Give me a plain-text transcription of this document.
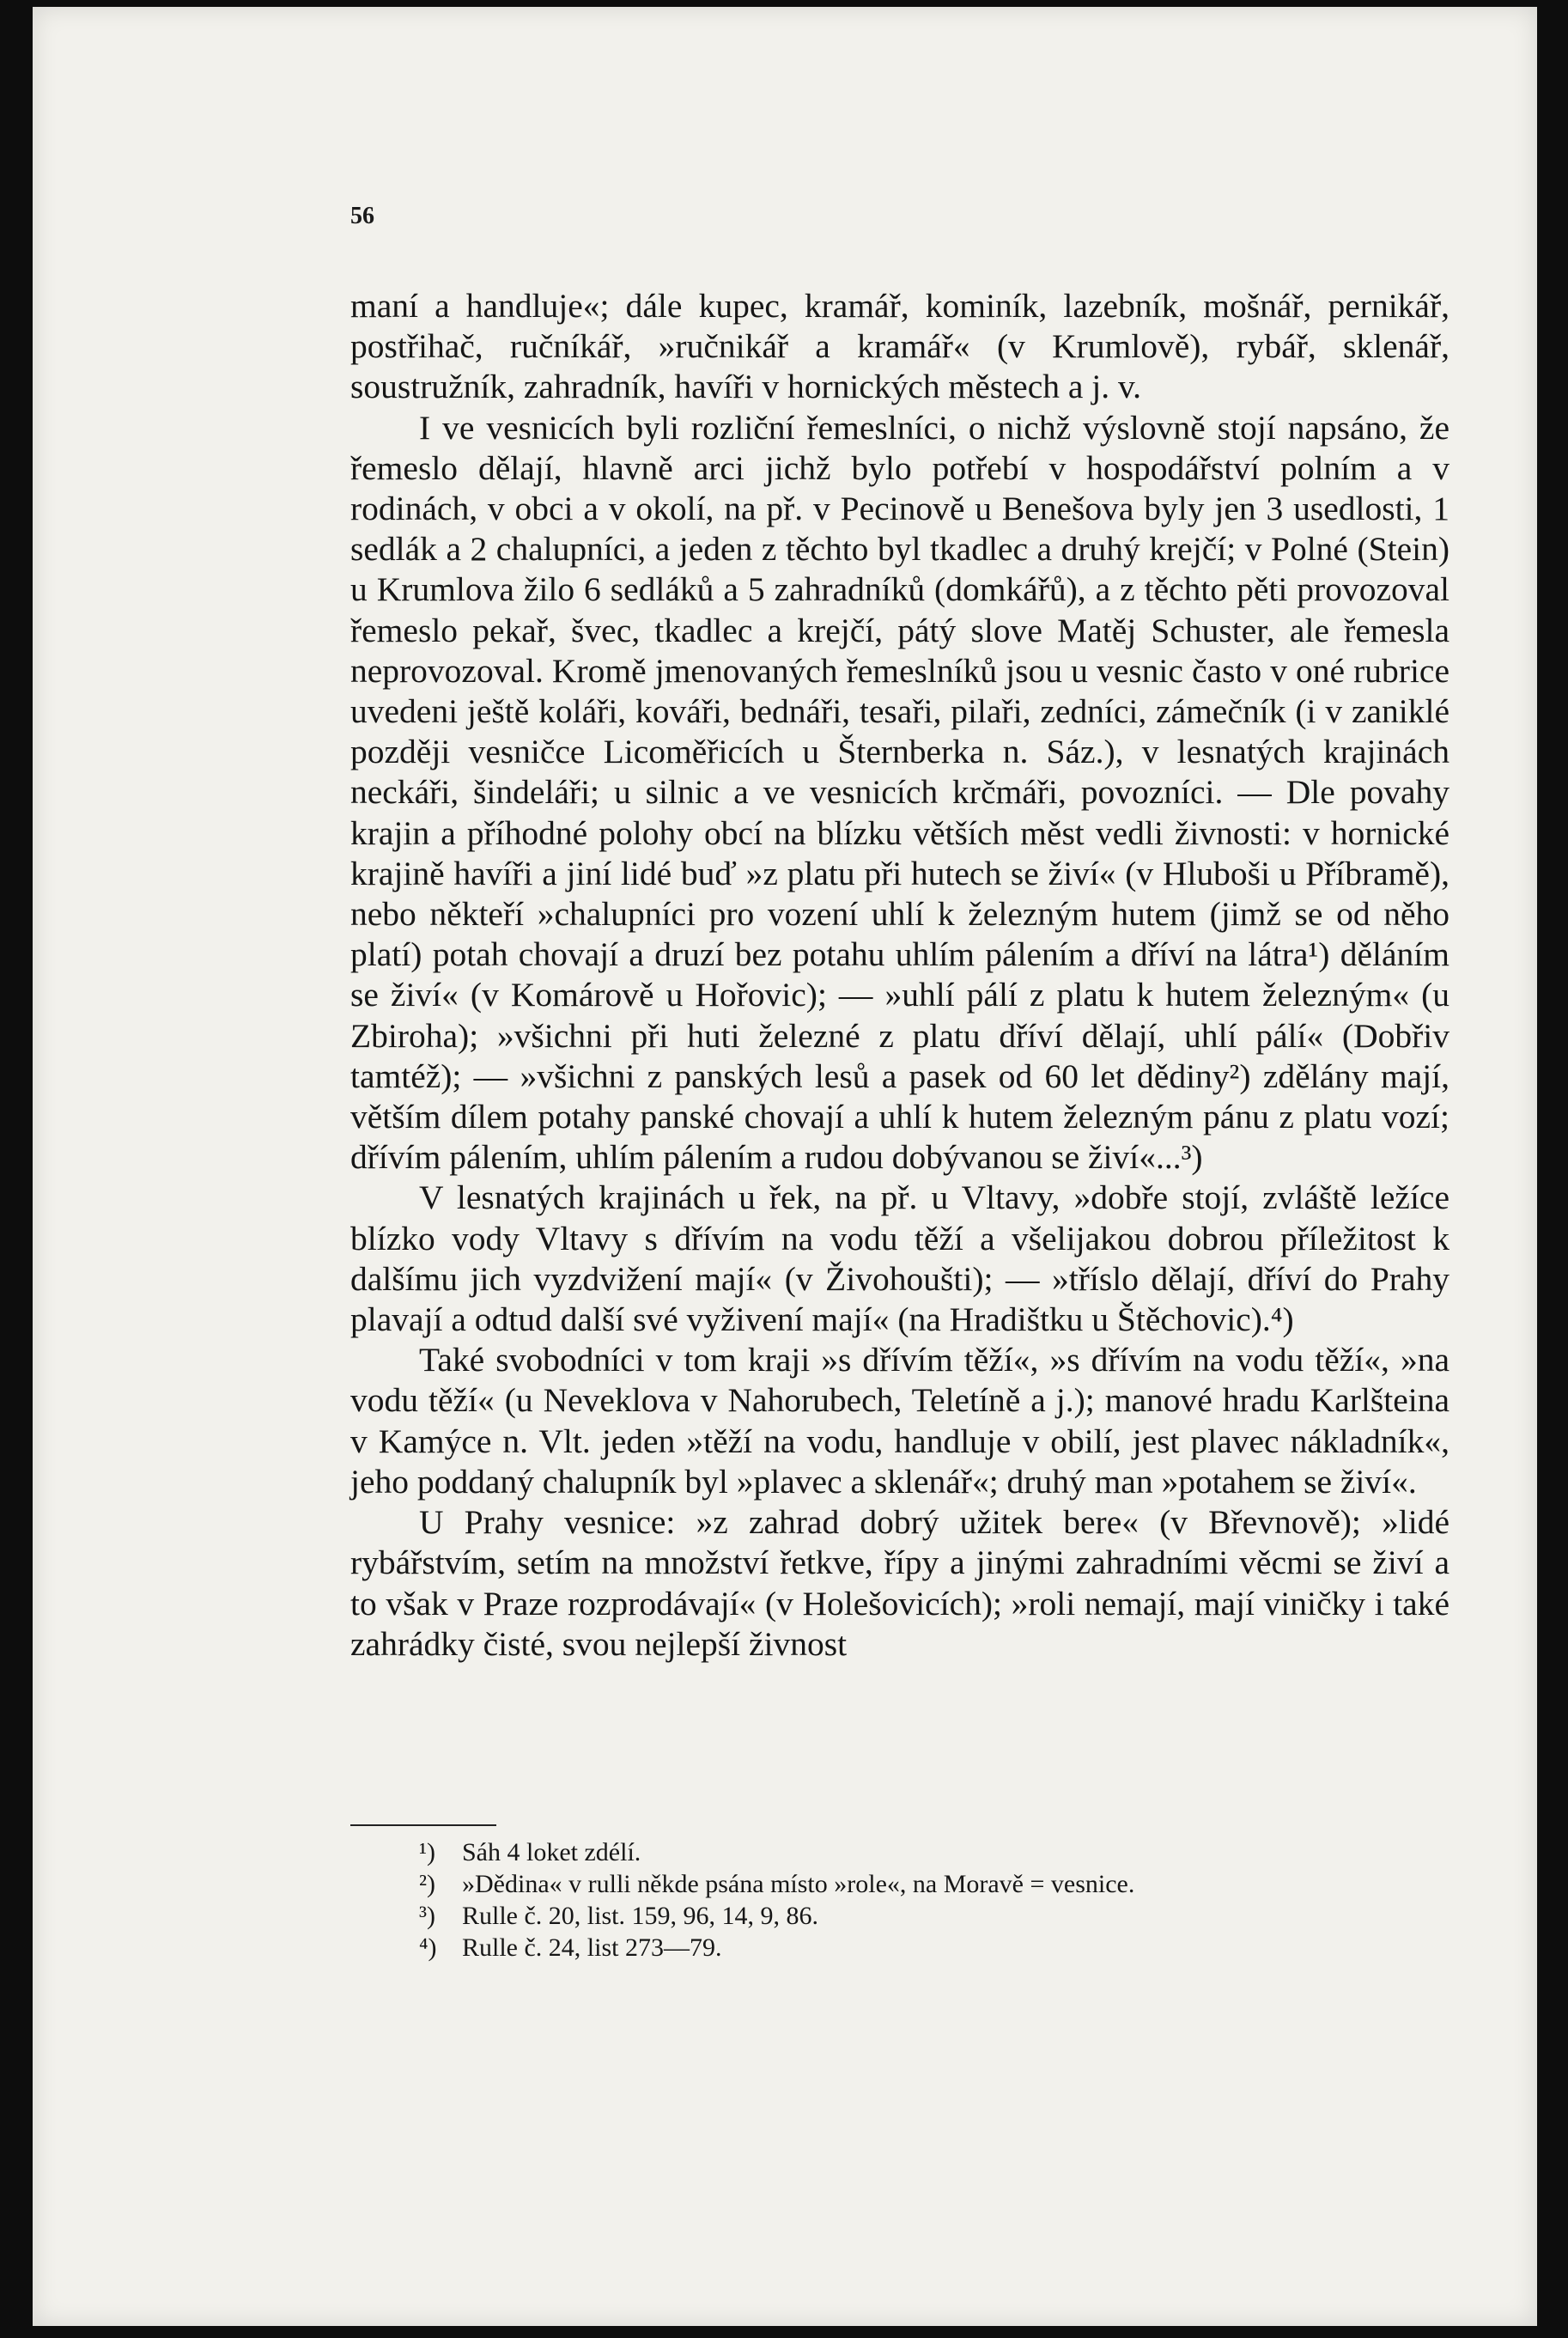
56

maní a handluje«; dále kupec, kramář, kominík, lazebník, mošnář, pernikář, postřihač, ručníkář, »ručnikář a kramář« (v Krumlově), rybář, sklenář, soustružník, zahradník, havíři v hornických městech a j. v.

I ve vesnicích byli rozliční řemeslníci, o nichž výslovně stojí napsáno, že řemeslo dělají, hlavně arci jichž bylo potřebí v hospodářství polním a v rodinách, v obci a v okolí, na př. v Pecinově u Benešova byly jen 3 usedlosti, 1 sedlák a 2 chalupníci, a jeden z těchto byl tkadlec a druhý krejčí; v Polné (Stein) u Krumlova žilo 6 sedláků a 5 zahradníků (domkářů), a z těchto pěti provozoval řemeslo pekař, švec, tkadlec a krejčí, pátý slove Matěj Schuster, ale řemesla neprovozoval. Kromě jmenovaných řemeslníků jsou u vesnic často v oné rubrice uvedeni ještě koláři, kováři, bednáři, tesaři, pilaři, zedníci, zámečník (i v zaniklé později vesničce Licoměřicích u Šternberka n. Sáz.), v lesnatých krajinách neckáři, šindeláři; u silnic a ve vesnicích krčmáři, povozníci. — Dle povahy krajin a příhodné polohy obcí na blízku větších měst vedli živnosti: v hornické krajině havíři a jiní lidé buď »z platu při hutech se živí« (v Hluboši u Příbramě), nebo někteří »chalupníci pro vození uhlí k železným hutem (jimž se od něho platí) potah chovají a druzí bez potahu uhlím pálením a dříví na látra¹) děláním se živí« (v Komárově u Hořovic); — »uhlí pálí z platu k hutem železným« (u Zbiroha); »všichni při huti železné z platu dříví dělají, uhlí pálí« (Dobřiv tamtéž); — »všichni z panských lesů a pasek od 60 let dědiny²) zdělány mají, větším dílem potahy panské chovají a uhlí k hutem železným pánu z platu vozí; dřívím pálením, uhlím pálením a rudou dobývanou se živí«...³)

V lesnatých krajinách u řek, na př. u Vltavy, »dobře stojí, zvláště ležíce blízko vody Vltavy s dřívím na vodu těží a všelijakou dobrou příležitost k dalšímu jich vyzdvižení mají« (v Živohoušti); — »tříslo dělají, dříví do Prahy plavají a odtud další své vyživení mají« (na Hradištku u Štěchovic).⁴)

Také svobodníci v tom kraji »s dřívím těží«, »s dřívím na vodu těží«, »na vodu těží« (u Neveklova v Nahorubech, Teletíně a j.); manové hradu Karlšteina v Kamýce n. Vlt. jeden »těží na vodu, handluje v obilí, jest plavec nákladník«, jeho poddaný chalupník byl »plavec a sklenář«; druhý man »potahem se živí«.

U Prahy vesnice: »z zahrad dobrý užitek bere« (v Břevnově); »lidé rybářstvím, setím na množství řetkve, řípy a jinými zahradními věcmi se živí a to však v Praze rozprodávají« (v Holešovicích); »roli nemají, mají viničky i také zahrádky čisté, svou nejlepší živnost

¹) Sáh 4 loket zdélí.
²) »Dědina« v rulli někde psána místo »role«, na Moravě = vesnice.
³) Rulle č. 20, list. 159, 96, 14, 9, 86.
⁴) Rulle č. 24, list 273—79.
